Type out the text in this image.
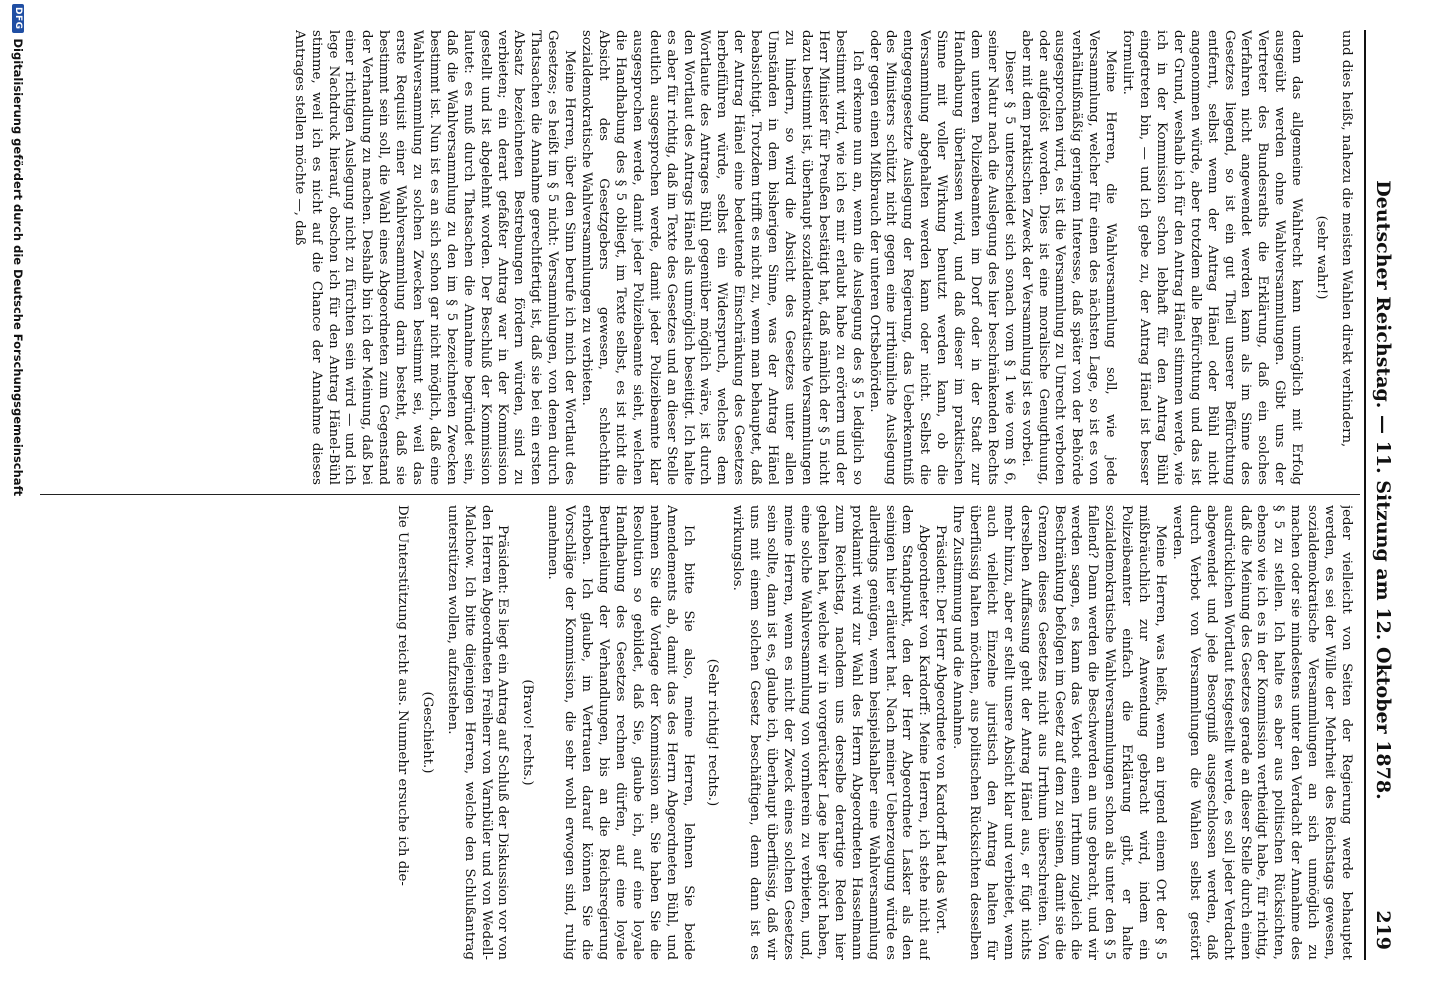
Deutscher Reichstag. — 11. Sitzung am 12. Oktober 1878.
219

und dies heißt, nahezu die meisten Wahlen direkt verhindern,

(sehr wahr!)

denn das allgemeine Wahlrecht kann unmöglich mit Erfolg ausgeübt werden ohne Wahlversammlungen. Gibt uns der Vertreter des Bundesraths die Erklärung, daß ein solches Verfahren nicht angewendet werden kann als im Sinne des Gesetzes liegend, so ist ein gut Theil unserer Befürchtung entfernt, selbst wenn der Antrag Hänel oder Bühl nicht angenommen würde, aber trotzdem alle Befürchtung und das ist der Grund, weshalb ich für den Antrag Hänel stimmen werde, wie ich in der Kommission schon lebhaft für den Antrag Bühl eingetreten bin, — und ich gebe zu, der Antrag Hänel ist besser formulirt.

Meine Herren, die Wahlversammlung soll, wie jede Versammlung, welcher für einen des nächsten Lage, so ist es von verhältnißmäßig geringem Interesse, daß später von der Behörde ausgesprochen wird, es ist die Versammlung zu Unrecht verboten oder aufgelöst worden. Dies ist eine moralische Genugthuung, aber mit dem praktischen Zweck der Versammlung ist es vorbei.

Dieser § 5 unterscheidet sich sonach vom § 1 wie vom § 6, seiner Natur nach die Auslegung des hier beschränkenden Rechts dem unteren Polizeibeamten im Dorf oder in der Stadt zur Handhabung überlassen wird, und daß dieser im praktischen Sinne mit voller Wirkung benutzt werden kann, ob die Versammlung abgehalten werden kann oder nicht. Selbst die entgegengesetzte Auslegung der Regierung, das Ueberkenntniß des Ministers schützt nicht gegen eine irrthümliche Auslegung oder gegen einen Mißbrauch der unteren Ortsbehörden.

Ich erkenne nun an, wenn die Auslegung des § 5 lediglich so bestimmt wird, wie ich es mir erlaubt habe zu erörtern und der Herr Minister für Preußen bestätigt hat, daß nämlich der § 5 nicht dazu bestimmt ist, überhaupt sozialdemokratische Versammlungen zu hindern, so wird die Absicht des Gesetzes unter allen Umständen in dem bisherigen Sinne, was der Antrag Hänel beabsichtigt. Trotzdem trifft es nicht zu, wenn man behauptet, daß der Antrag Hänel eine bedeutende Einschränkung des Gesetzes herbeiführen würde, selbst ein Widerspruch, welches dem Wortlaute des Antrages Bühl gegenüber möglich wäre, ist durch den Wortlaut des Antrags Hänel als unmöglich beseitigt. Ich halte es aber für richtig, daß im Texte des Gesetzes und an dieser Stelle deutlich ausgesprochen werde, damit jeder Polizeibeamte klar ausgesprochen werde, damit jeder Polizeibeamte sieht, welchen die Handhabung des § 5 obliegt, im Texte selbst, es ist nicht die Absicht des Gesetzgebers gewesen, schlechthin sozialdemokratische Wahlversammlungen zu verbieten.

Meine Herren, über den Sinn berufe ich mich der Wortlaut des Gesetzes; es heißt im § 5 nicht: Versammlungen, von denen durch Thatsachen die Annahme gerechtfertigt ist, daß sie bei ein ersten Absatz bezeichneten Bestrebungen fördern würden, sind zu verbieten; ein derart gefaßter Antrag war in der Kommission gestellt und ist abgelehnt worden. Der Beschluß der Kommission lautet: es muß durch Thatsachen die Annahme begründet sein, daß die Wahlversammlung zu den im § 5 bezeichneten Zwecken bestimmt ist. Nun ist es an sich schon gar nicht möglich, daß eine Wahlversammlung zu solchen Zwecken bestimmt sei, weil das erste Requisit einer Wahlversammlung darin besteht, daß sie bestimmt sein soll, die Wahl eines Abgeordneten zum Gegenstand der Verhandlung zu machen. Deshalb bin ich der Meinung, daß bei einer richtigen Auslegung nicht zu fürchten sein wird — und ich lege Nachdruck hierauf, obschon ich für den Antrag Hänel-Bühl stimme, weil ich es nicht auf die Chance der Annahme dieses Antrages stellen möchte —, daß

jeder vielleicht von Seiten der Regierung werde behauptet werden, es sei der Wille der Mehrheit des Reichstags gewesen, sozialdemokratische Versammlungen an sich unmöglich zu machen oder sie mindestens unter den Verdacht der Annahme des § 5 zu stellen. Ich halte es aber aus politischen Rücksichten, ebenso wie ich es in der Kommission vertheidigt habe, für richtig, daß die Meinung des Gesetzes gerade an dieser Stelle durch einen ausdrücklichen Wortlaut festgestellt werde, es soll jeder Verdacht abgewendet und jede Besorgniß ausgeschlossen werden, daß durch Verbot von Versammlungen die Wahlen selbst gestört werden.

Meine Herren, was heißt, wenn an irgend einem Ort der § 5 mißbräuchlich zur Anwendung gebracht wird, indem ein Polizeibeamter einfach die Erklärung gibt, er halte sozialdemokratische Wahlversammlungen schon als unter den § 5 fallend? Dann werden die Beschwerden an uns gebracht, und wir werden sagen, es kann das Verbot einen Irrthum zugleich die Beschränkung befolgen im Gesetz auf dem zu seinen, damit sie die Grenzen dieses Gesetzes nicht aus Irrthum überschreiten. Von derselben Auffassung geht der Antrag Hänel aus, er fügt nichts mehr hinzu, aber er stellt unsere Absicht klar und verbietet, wenn auch vielleicht Einzelne juristisch den Antrag halten für überflüssig halten möchten, aus politischen Rücksichten desselben Ihre Zustimmung und die Annahme.

Präsident: Der Herr Abgeordnete von Kardorff hat das Wort.

Abgeordneter von Kardorff: Meine Herren, ich stehe nicht auf dem Standpunkt, den der Herr Abgeordnete Lasker als den seinigen hier erläutert hat. Nach meiner Ueberzeugung würde es allerdings genügen, wenn beispielshalber eine Wahlversammlung proklamirt wird zur Wahl des Herrn Abgeordneten Hasselmann zum Reichstag, nachdem uns derselbe derartige Reden hier gehalten hat, welche wir in vorgerückter Lage hier gehört haben, eine solche Wahlversammlung von vornherein zu verbieten, und, meine Herren, wenn es nicht der Zweck eines solchen Gesetzes sein sollte, dann ist es, glaube ich, überhaupt überflüssig, daß wir uns mit einem solchen Gesetz beschäftigen, denn dann ist es wirkungslos.

(Sehr richtig! rechts.)

Ich bitte Sie also, meine Herren, lehnen Sie beide Amendements ab, damit das des Herrn Abgeordneten Bühl, und nehmen Sie die Vorlage der Kommission an. Sie haben Sie die Resolution so gebildet, daß Sie, glaube ich, auf eine loyale Handhabung des Gesetzes rechnen dürfen, auf eine loyale Beurtheilung der Verhandlungen, bis an die Reichsregierung erhoben. Ich glaube, im Vertrauen darauf können Sie die Vorschläge der Kommission, die sehr wohl erwogen sind, ruhig annehmen.

(Bravo! rechts.)

Präsident: Es liegt ein Antrag auf Schluß der Diskussion vor von den Herren Abgeordneten Freiherr von Varnbüler und von Wedell-Malchow. Ich bitte diejenigen Herren, welche den Schlußantrag unterstützen wollen, aufzustehen.

(Geschieht.)

Die Unterstützung reicht aus. Nunmehr ersuche ich die-

DFG
Digitalisierung gefördert durch die Deutsche Forschungsgemeinschaft
